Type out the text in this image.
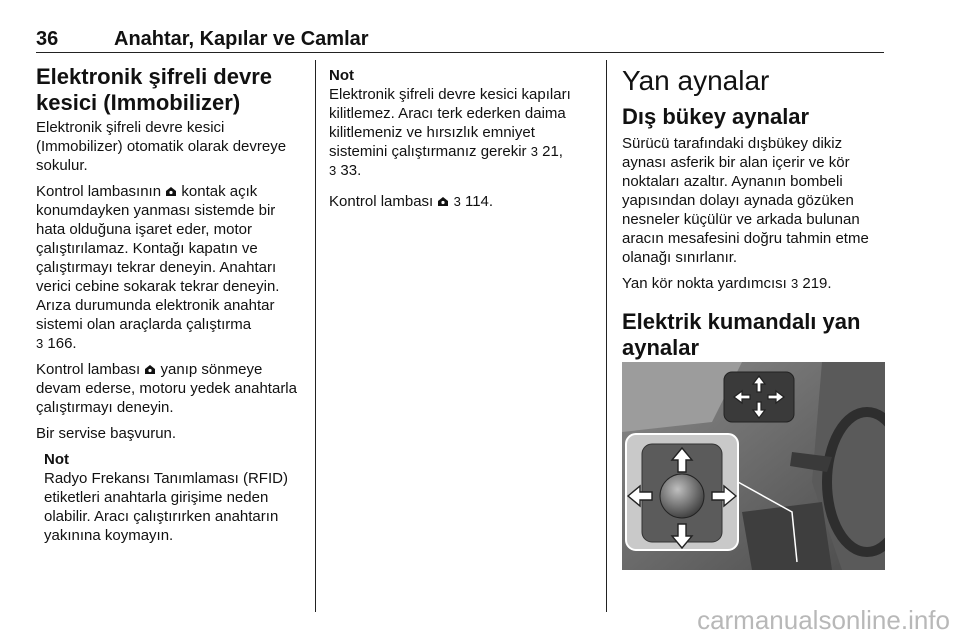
36	Anahtar, Kapılar ve Camlar
Elektronik şifreli devre kesici (Immobilizer)

Elektronik şifreli devre kesici (Immobilizer) otomatik olarak devreye sokulur.

Kontrol lambasının  kontak açık konumdayken yanması sistemde bir hata olduğuna işaret eder, motor çalıştırılamaz. Kontağı kapatın ve çalıştırmayı tekrar deneyin. Anahtarı verici cebine sokarak tekrar deneyin. Arıza durumunda elektronik anahtar sistemi olan araçlarda çalıştırma
3 166.

Kontrol lambası  yanıp sönmeye devam ederse, motoru yedek anahtarla çalıştırmayı deneyin.

Bir servise başvurun.

Not

Radyo Frekansı Tanımlaması (RFID) etiketleri anahtarla girişime neden olabilir. Aracı çalıştırırken anahtarın yakınına koymayın.

Not

Elektronik şifreli devre kesici kapıları kilitlemez. Aracı terk ederken daima kilitlemeniz ve hırsızlık emniyet sistemini çalıştırmanız gerekir 3 21,
3 33.

Kontrol lambası  3 114.

Yan aynalar
Dış bükey aynalar

Sürücü tarafındaki dışbükey dikiz aynası asferik bir alan içerir ve kör noktaları azaltır. Aynanın bombeli yapısından dolayı aynada gözüken nesneler küçülür ve arkada bulunan aracın mesafesini doğru tahmin etme olanağı sınırlanır.

Yan kör nokta yardımcısı 3 219.

Elektrik kumandalı yan aynalar
carmanualsonline.info
